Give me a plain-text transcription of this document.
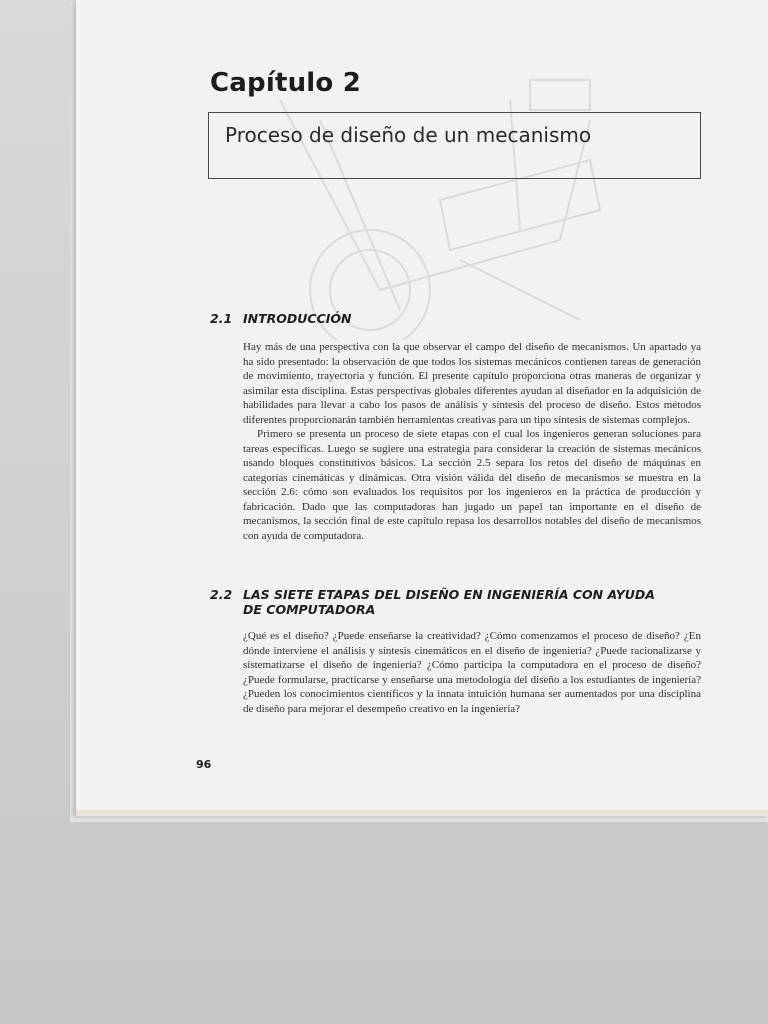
Capítulo 2
Proceso de diseño de un mecanismo
2.1 INTRODUCCIÓN

Hay más de una perspectiva con la que observar el campo del diseño de mecanismos. Un apartado ya ha sido presentado: la observación de que todos los sistemas mecánicos contienen tareas de generación de movimiento, trayectoria y función. El presente capítulo proporciona otras maneras de organizar y asimilar esta disciplina. Estas perspectivas globales diferentes ayudan al diseñador en la adquisición de habilidades para llevar a cabo los pasos de análisis y síntesis del proceso de diseño. Estos métodos diferentes proporcionarán también herramientas creativas para un tipo síntesis de sistemas complejos.

Primero se presenta un proceso de siete etapas con el cual los ingenieros generan soluciones para tareas específicas. Luego se sugiere una estrategia para considerar la creación de sistemas mecánicos usando bloques constitutivos básicos. La sección 2.5 separa los retos del diseño de máquinas en categorías cinemáticas y dinámicas. Otra visión válida del diseño de mecanismos se muestra en la sección 2.6: cómo son evaluados los requisitos por los ingenieros en la práctica de producción y fabricación. Dado que las computadoras han jugado un papel tan importante en el diseño de mecanismos, la sección final de este capítulo repasa los desarrollos notables del diseño de mecanismos con ayuda de computadora.

2.2 LAS SIETE ETAPAS DEL DISEÑO EN INGENIERÍA CON AYUDA DE COMPUTADORA

¿Qué es el diseño? ¿Puede enseñarse la creatividad? ¿Cómo comenzamos el proceso de diseño? ¿En dónde interviene el análisis y síntesis cinemáticos en el diseño de ingeniería? ¿Puede racionalizarse y sistematizarse el diseño de ingeniería? ¿Cómo participa la computadora en el proceso de diseño? ¿Puede formularse, practicarse y enseñarse una metodología del diseño a los estudiantes de ingeniería? ¿Pueden los conocimientos científicos y la innata intuición humana ser aumentados por una disciplina de diseño para mejorar el desempeño creativo en la ingeniería?

96
